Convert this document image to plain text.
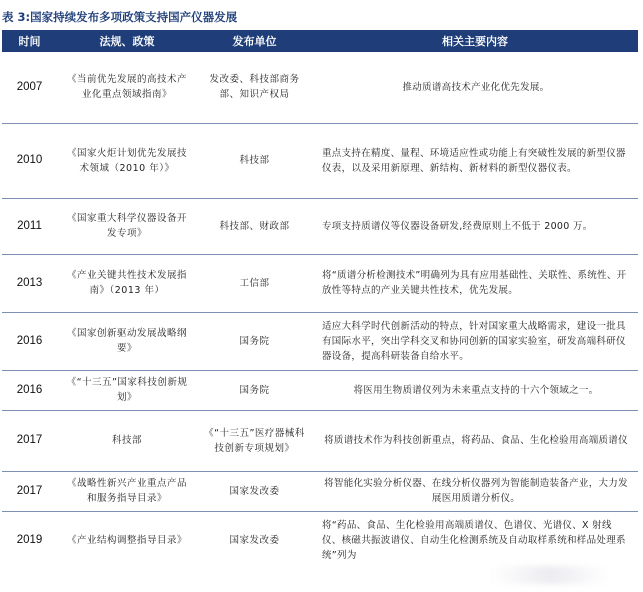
表 3:国家持续发布多项政策支持国产仪器发展
时间	法规、政策	发布单位	相关主要内容
2007	《当前优先发展的高技术产业化重点领域指南》	发改委、科技部商务部、知识产权局	推动质谱高技术产业化优先发展。
2010	《国家火炬计划优先发展技术领域（2010 年）》	科技部	重点支持在精度、量程、环境适应性或功能上有突破性发展的新型仪器仪表，以及采用新原理、新结构、新材料的新型仪器仪表。
2011	《国家重大科学仪器设备开发专项》	科技部、财政部	专项支持质谱仪等仪器设备研发,经费原则上不低于 2000 万。
2013	《产业关键共性技术发展指南》（2013 年）	工信部	将“质谱分析检测技术”明确列为具有应用基础性、关联性、系统性、开放性等特点的产业关键共性技术，优先发展。
2016	《国家创新驱动发展战略纲要》	国务院	适应大科学时代创新活动的特点，针对国家重大战略需求，建设一批具有国际水平，突出学科交叉和协同创新的国家实验室，研发高端科研仪器设备，提高科研装备自给水平。
2016	《“十三五”国家科技创新规划》	国务院	将医用生物质谱仪列为未来重点支持的十六个领域之一。
2017	科技部	《“十三五”医疗器械科技创新专项规划》	将质谱技术作为科技创新重点，将药品、食品、生化检验用高端质谱仪
2017	《战略性新兴产业重点产品和服务指导目录》	国家发改委	将智能化实验分析仪器、在线分析仪器列为智能制造装备产业，大力发展医用质谱分析仪。
2019	《产业结构调整指导目录》	国家发改委	将“药品、食品、生化检验用高端质谱仪、色谱仪、光谱仪、X 射线仪、核磁共振波谱仪、自动生化检测系统及自动取样系统和样品处理系统”列为
